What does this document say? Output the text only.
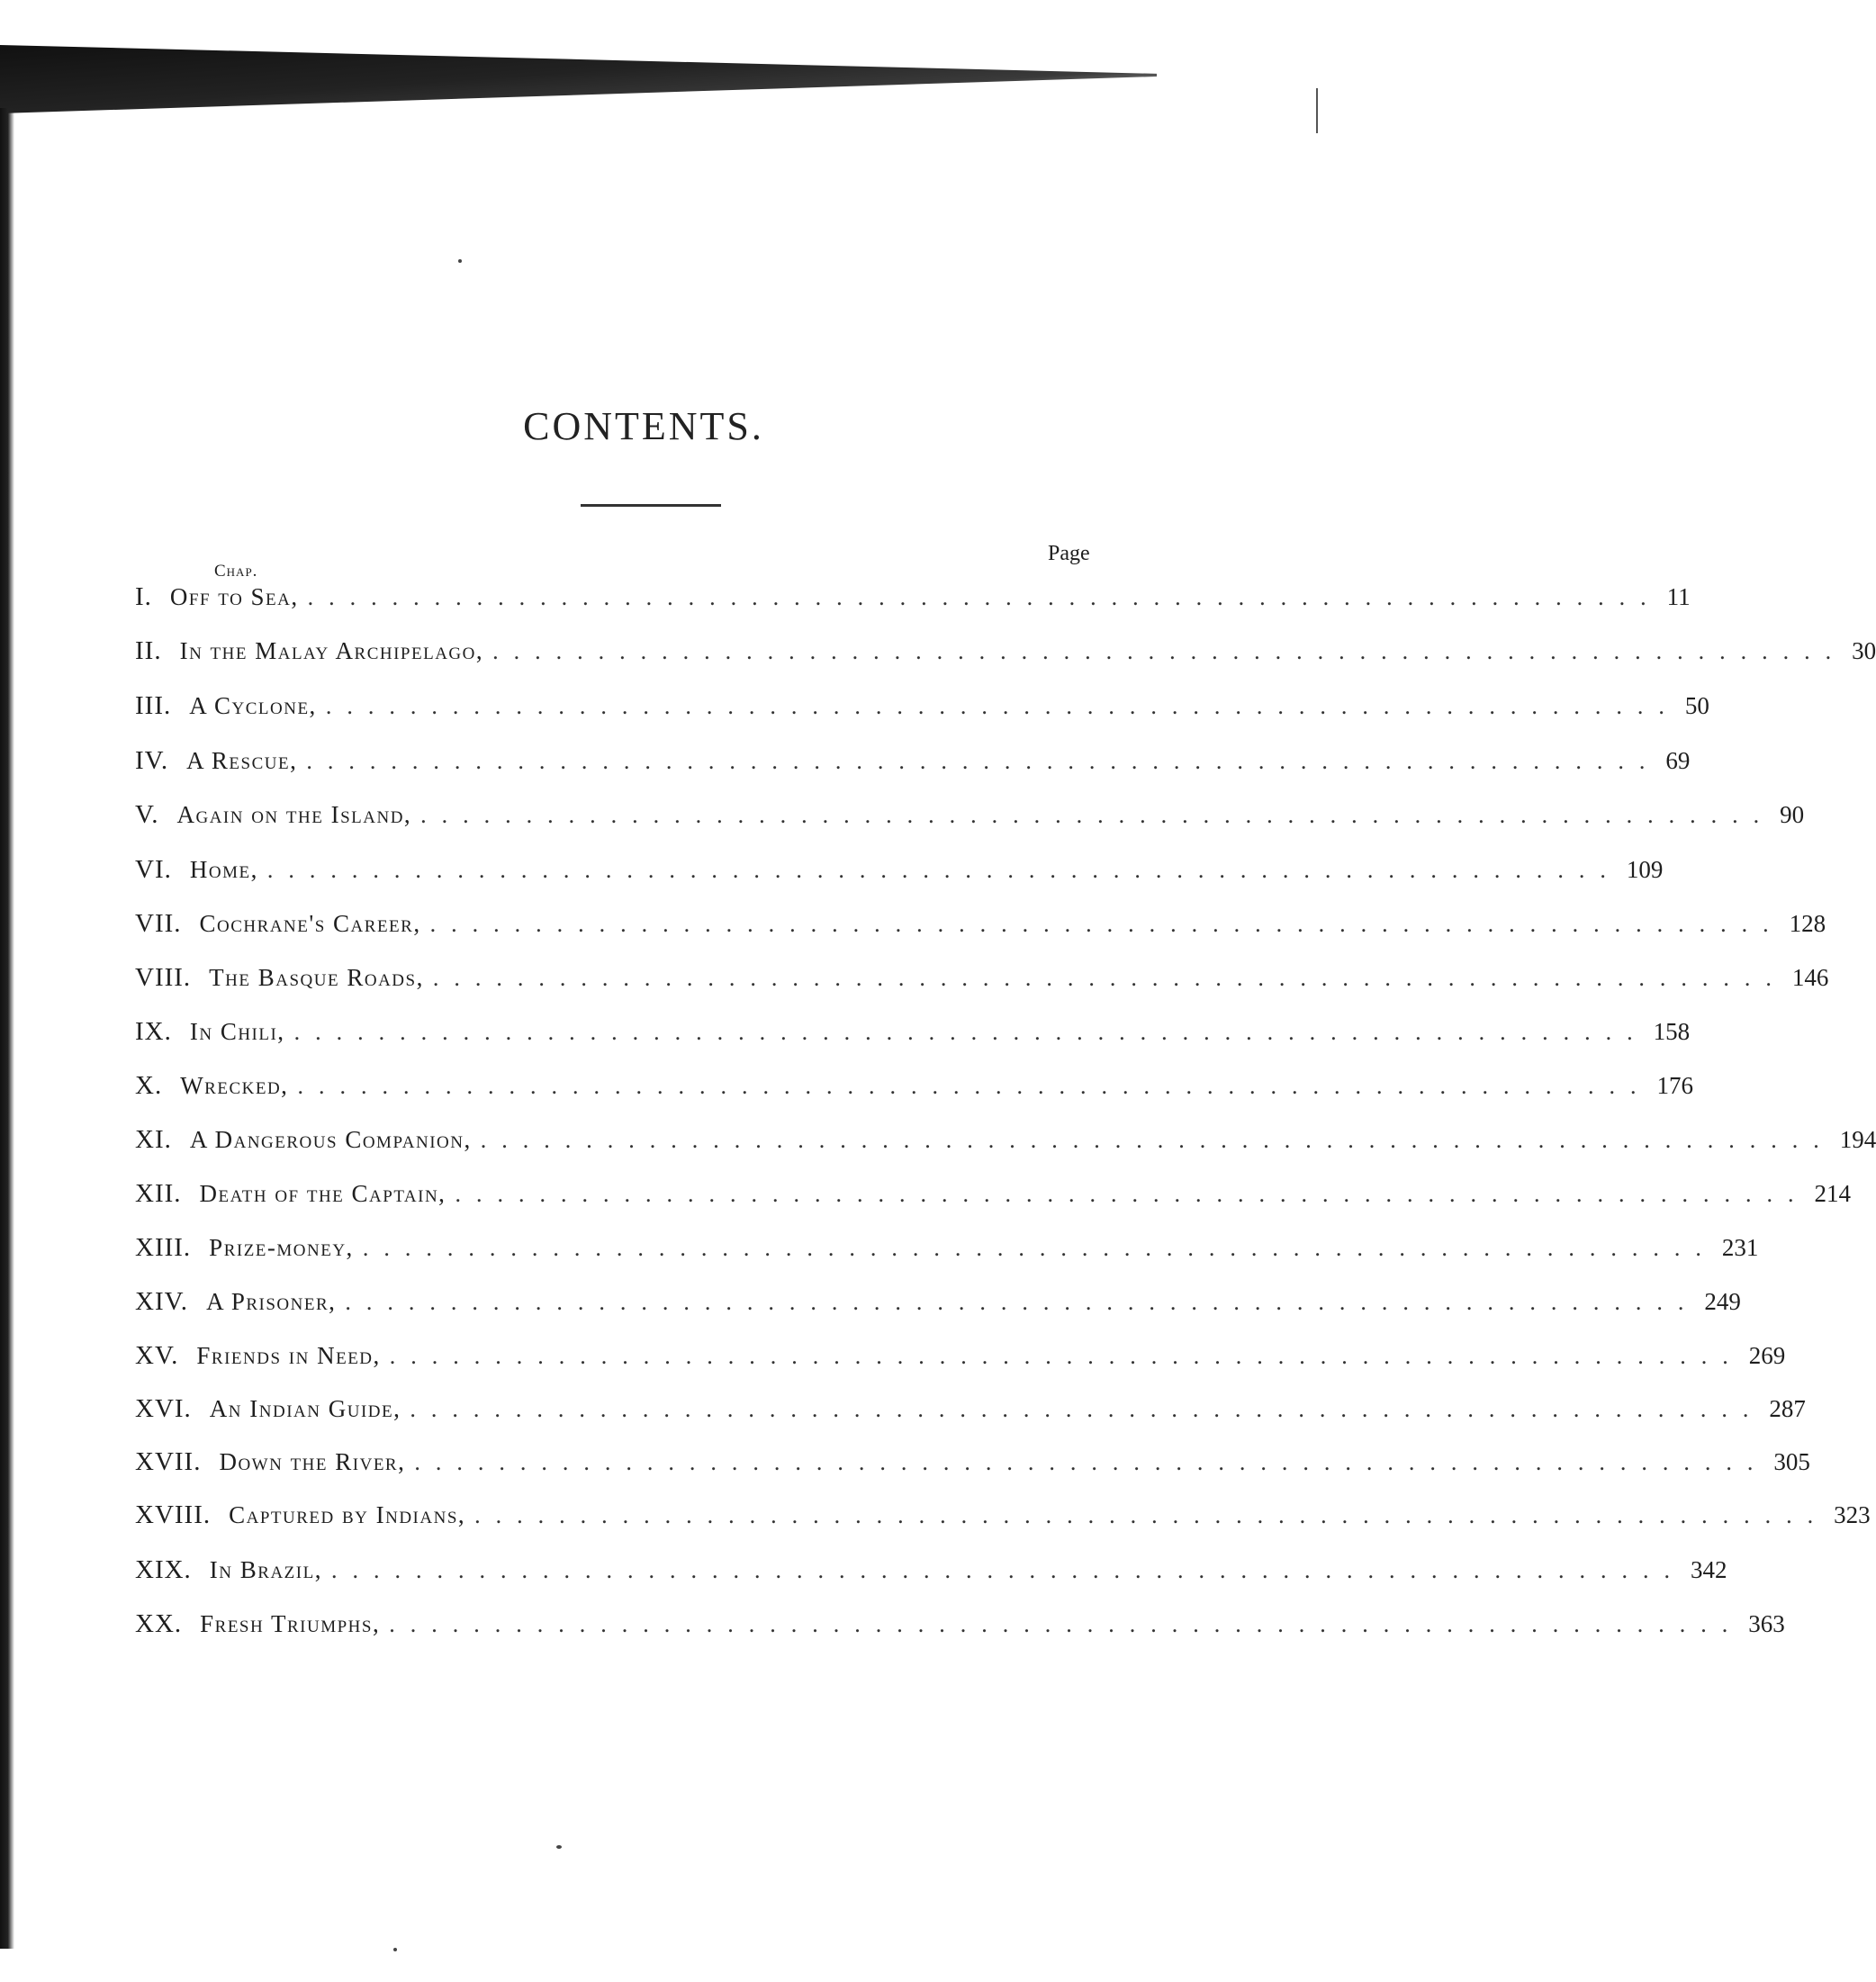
CONTENTS.
Chap.
Page
I. Off to Sea, ................................................................ 11
II. In the Malay Archipelago, ................................................................ 30
III. A Cyclone, ................................................................ 50
IV. A Rescue, ................................................................ 69
V. Again on the Island, ................................................................ 90
VI. Home, ................................................................ 109
VII. Cochrane's Career, ................................................................ 128
VIII. The Basque Roads, ................................................................ 146
IX. In Chili, ................................................................ 158
X. Wrecked, ................................................................ 176
XI. A Dangerous Companion, ................................................................ 194
XII. Death of the Captain, ................................................................ 214
XIII. Prize-money, ................................................................ 231
XIV. A Prisoner, ................................................................ 249
XV. Friends in Need, ................................................................ 269
XVI. An Indian Guide, ................................................................ 287
XVII. Down the River, ................................................................ 305
XVIII. Captured by Indians, ................................................................ 323
XIX. In Brazil, ................................................................ 342
XX. Fresh Triumphs, ................................................................ 363
